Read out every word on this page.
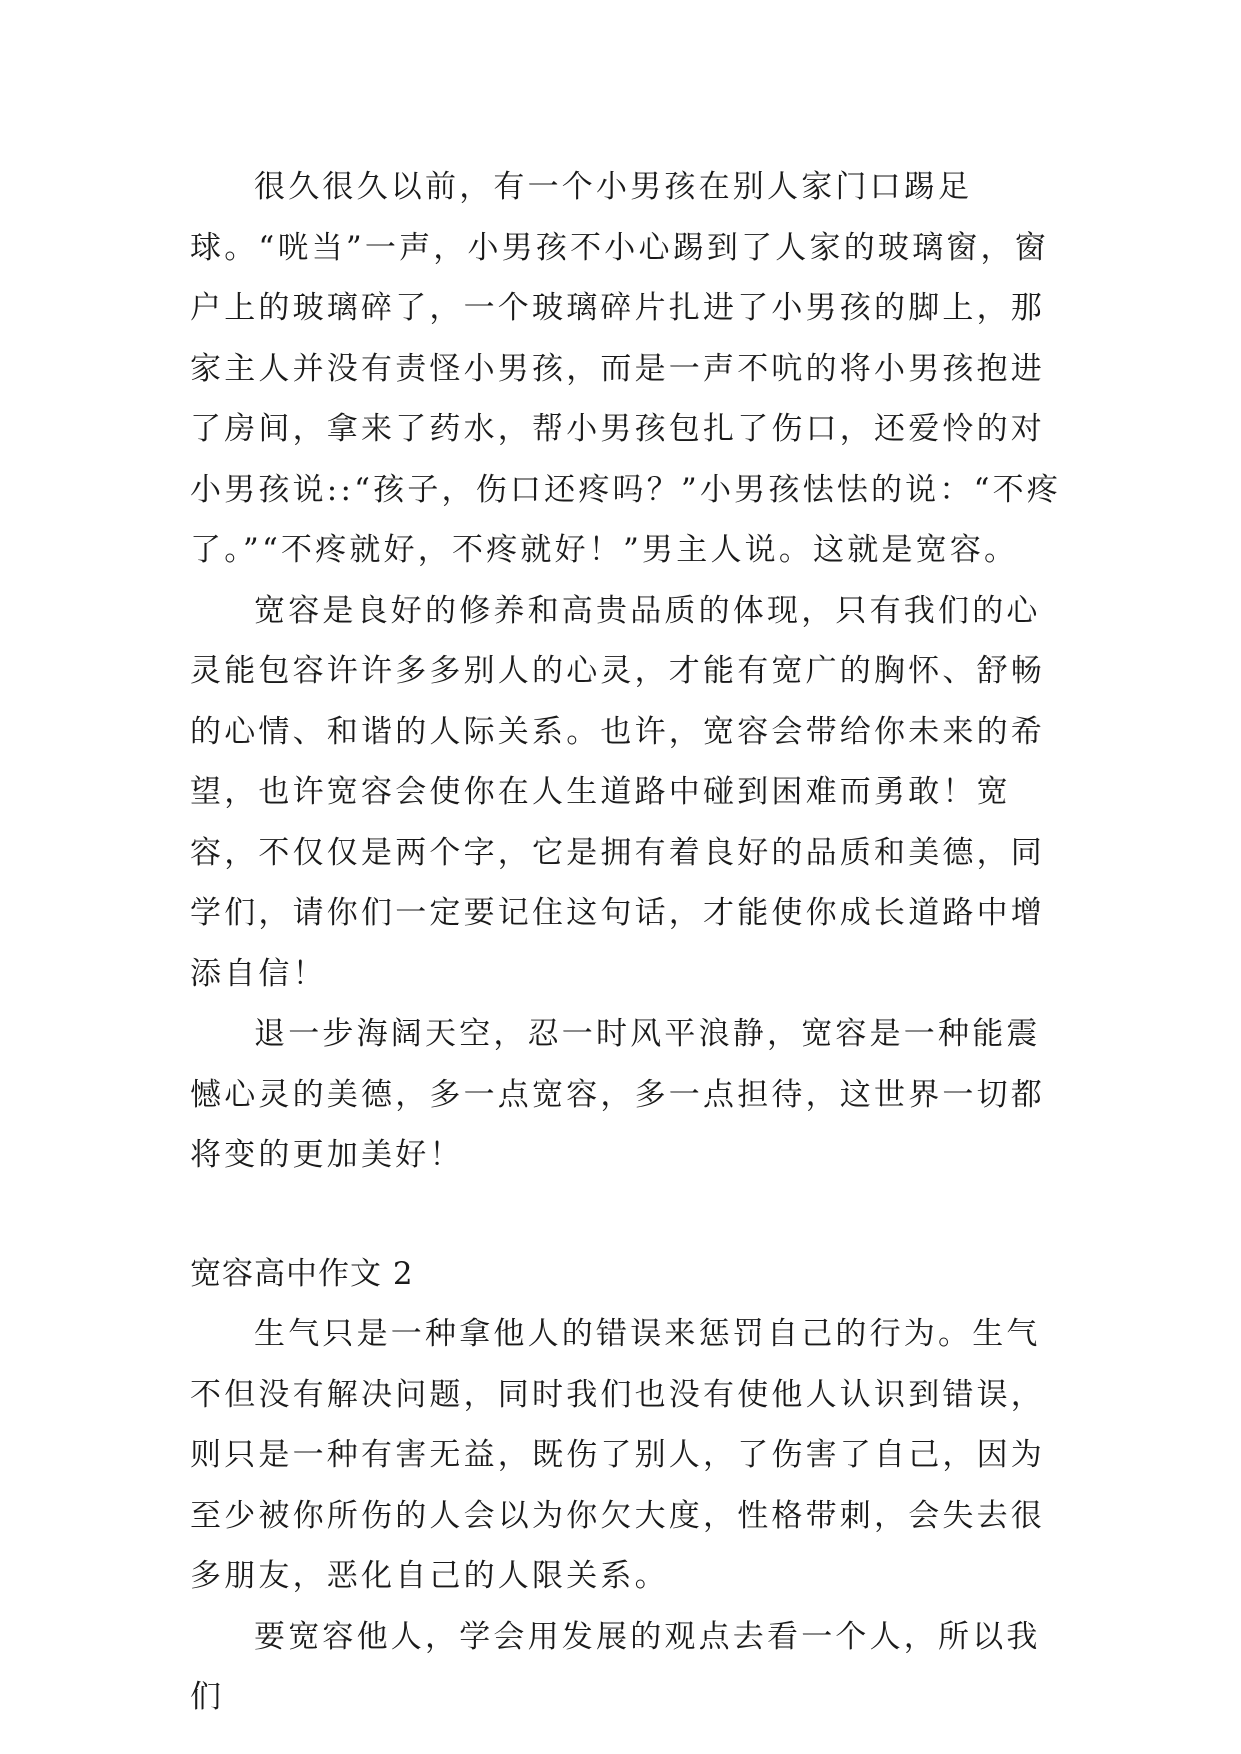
很久很久以前，有一个小男孩在别人家门口踢足球。“咣当”一声，小男孩不小心踢到了人家的玻璃窗，窗户上的玻璃碎了，一个玻璃碎片扎进了小男孩的脚上，那家主人并没有责怪小男孩，而是一声不吭的将小男孩抱进了房间，拿来了药水，帮小男孩包扎了伤口，还爱怜的对小男孩说::“孩子，伤口还疼吗？”小男孩怯怯的说：“不疼了。”“不疼就好，不疼就好！”男主人说。这就是宽容。

宽容是良好的修养和高贵品质的体现，只有我们的心灵能包容许许多多别人的心灵，才能有宽广的胸怀、舒畅的心情、和谐的人际关系。也许，宽容会带给你未来的希望，也许宽容会使你在人生道路中碰到困难而勇敢！宽容，不仅仅是两个字，它是拥有着良好的品质和美德，同学们，请你们一定要记住这句话，才能使你成长道路中增添自信！

退一步海阔天空，忍一时风平浪静，宽容是一种能震憾心灵的美德，多一点宽容，多一点担待，这世界一切都将变的更加美好！

宽容高中作文 2

生气只是一种拿他人的错误来惩罚自己的行为。生气不但没有解决问题，同时我们也没有使他人认识到错误，则只是一种有害无益，既伤了别人，了伤害了自己，因为至少被你所伤的人会以为你欠大度，性格带刺，会失去很多朋友，恶化自己的人限关系。

要宽容他人，学会用发展的观点去看一个人，所以我们
